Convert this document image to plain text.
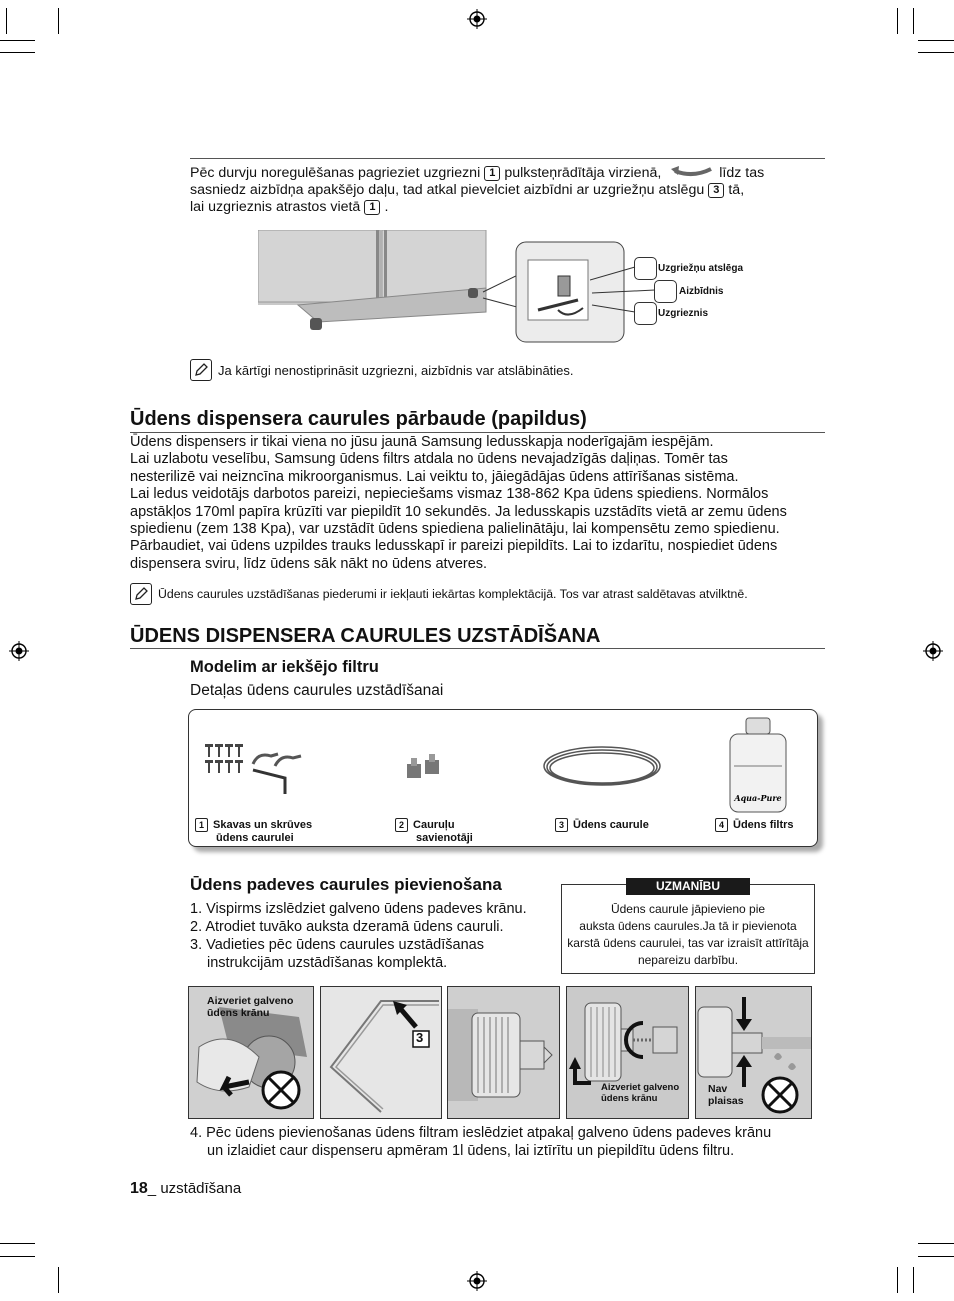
Pēc durvju noregulēšanas pagrieziet uzgriezni 1 pulksteņrādītāja virzienā,	līdz tas

sasniedz aizbīdņa apakšējo daļu, tad atkal pievelciet aizbīdni ar uzgriežņu atslēgu 3 tā,

lai uzgrieznis atrastos vietā 1 .

Uzgriežņu atslēga
Aizbīdnis
Uzgrieznis
Ja kārtīgi nenostiprināsit uzgriezni, aizbīdnis var atslābināties.
Ūdens dispensera caurules pārbaude (papildus)

Ūdens dispensers ir tikai viena no jūsu jaunā Samsung ledusskapja noderīgajām iespējām.

Lai uzlabotu veselību, Samsung ūdens filtrs atdala no ūdens nevajadzīgās daļiņas. Tomēr tas

nesterilizē vai neizncīna mikroorganismus. Lai veiktu to, jāiegādājas ūdens attīrīšanas sistēma.

Lai ledus veidotājs darbotos pareizi, nepieciešams vismaz 138-862 Kpa ūdens spiediens. Normālos

apstākļos 170ml papīra krūzīti var piepildīt 10 sekundēs. Ja ledusskapis uzstādīts vietā ar zemu ūdens

spiedienu (zem 138 Kpa), var uzstādīt ūdens spiediena palielinātāju, lai kompensētu zemo spiedienu.

Pārbaudiet, vai ūdens uzpildes trauks ledusskapī ir pareizi piepildīts. Lai to izdarītu, nospiediet ūdens

dispensera sviru, līdz ūdens sāk nākt no ūdens atveres.

Ūdens caurules uzstādīšanas piederumi ir iekļauti iekārtas komplektācijā. Tos var atrast saldētavas atvilktnē.
ŪDENS DISPENSERA CAURULES UZSTĀDĪŠANA
Modelim ar iekšējo filtru
Detaļas ūdens caurules uzstādīšanai
Aqua-Pure
1 Skavas un skrūves
ūdens caurulei
2 Cauruļu
savienotāji
3 Ūdens caurule	4 Ūdens filtrs
Ūdens padeves caurules pievienošana
1. Vispirms izslēdziet galveno ūdens padeves krānu.
2. Atrodiet tuvāko auksta dzeramā ūdens cauruli.
3. Vadieties pēc ūdens caurules uzstādīšanas
instrukcijām uzstādīšanas komplektā.
UZMANĪBU
Ūdens caurule jāpievieno pie
auksta ūdens caurules.Ja tā ir pievienota
karstā ūdens caurulei, tas var izraisīt attīrītāja
nepareizu darbību.
Aizveriet galveno
ūdens krānu
3
Aizveriet galveno
ūdens krānu
Nav
plaisas
4. Pēc ūdens pievienošanas ūdens filtram ieslēdziet atpakaļ galveno ūdens padeves krānu
un izlaidiet caur dispenseru apmēram 1l ūdens, lai iztīrītu un piepildītu ūdens filtru.
18_ uzstādīšana
